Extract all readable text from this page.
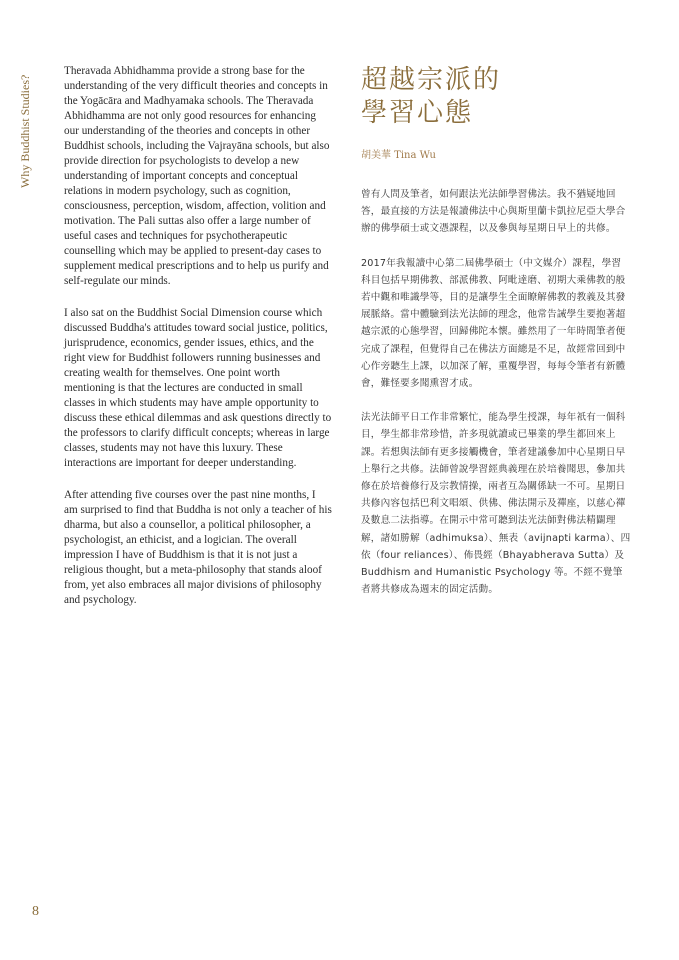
Why Buddhist Studies?

Theravada Abhidhamma provide a strong base for the understanding of the very difficult theories and concepts in the Yogācāra and Madhyamaka schools. The Theravada Abhidhamma are not only good resources for enhancing our understanding of the theories and concepts in other Buddhist schools, including the Vajrayāna schools, but also provide direction for psychologists to develop a new understanding of important concepts and conceptual relations in modern psychology, such as cognition, consciousness, perception, wisdom, affection, volition and motivation. The Pali suttas also offer a large number of useful cases and techniques for psychotherapeutic counselling which may be applied to present-day cases to supplement medical prescriptions and to help us purify and self-regulate our minds.

I also sat on the Buddhist Social Dimension course which discussed Buddha's attitudes toward social justice, politics, jurisprudence, economics, gender issues, ethics, and the right view for Buddhist followers running businesses and creating wealth for themselves. One point worth mentioning is that the lectures are conducted in small classes in which students may have ample opportunity to discuss these ethical dilemmas and ask questions directly to the professors to clarify difficult concepts; whereas in large classes, students may not have this luxury. These interactions are important for deeper understanding.

After attending five courses over the past nine months, I am surprised to find that Buddha is not only a teacher of his dharma, but also a counsellor, a political philosopher, a psychologist, an ethicist, and a logician. The overall impression I have of Buddhism is that it is not just a religious thought, but a meta-philosophy that stands aloof from, yet also embraces all major divisions of philosophy and psychology.

超越宗派的
學習心態
胡美華 Tina Wu

曾有人問及筆者，如何跟法光法師學習佛法。我不猶疑地回答，最直接的方法是報讀佛法中心與斯里蘭卡凱拉尼亞大學合辦的佛學碩士或文憑課程，以及參與每星期日早上的共修。

2017年我報讀中心第二屆佛學碩士（中文媒介）課程，學習科目包括早期佛教、部派佛教、阿毗達磨、初期大乘佛教的般若中觀和唯識學等，目的是讓學生全面瞭解佛教的教義及其發展脈絡。當中體驗到法光法師的理念，他常告誡學生要抱著超越宗派的心態學習，回歸佛陀本懷。雖然用了一年時間筆者便完成了課程，但覺得自己在佛法方面總是不足，故經常回到中心作旁聽生上課，以加深了解，重覆學習，每每令筆者有新體會，難怪要多聞熏習才成。

法光法師平日工作非常繁忙，能為學生授課，每年祇有一個科目，學生都非常珍惜，許多現就讀或已畢業的學生都回來上課。若想與法師有更多接觸機會，筆者建議參加中心星期日早上舉行之共修。法師曾說學習經典義理在於培養聞思，參加共修在於培養修行及宗教情操，兩者互為關係缺一不可。星期日共修內容包括巴利文唱頌、供佛、佛法開示及禪座，以慈心禪及數息二法指導。在開示中常可聽到法光法師對佛法精闢理解，諸如勝解（adhimuksa）、無表（avijnapti karma）、四依（four reliances）、佈畏經（Bhayabherava Sutta）及 Buddhism and Humanistic Psychology 等。不經不覺筆者將共修成為週末的固定活動。

8
